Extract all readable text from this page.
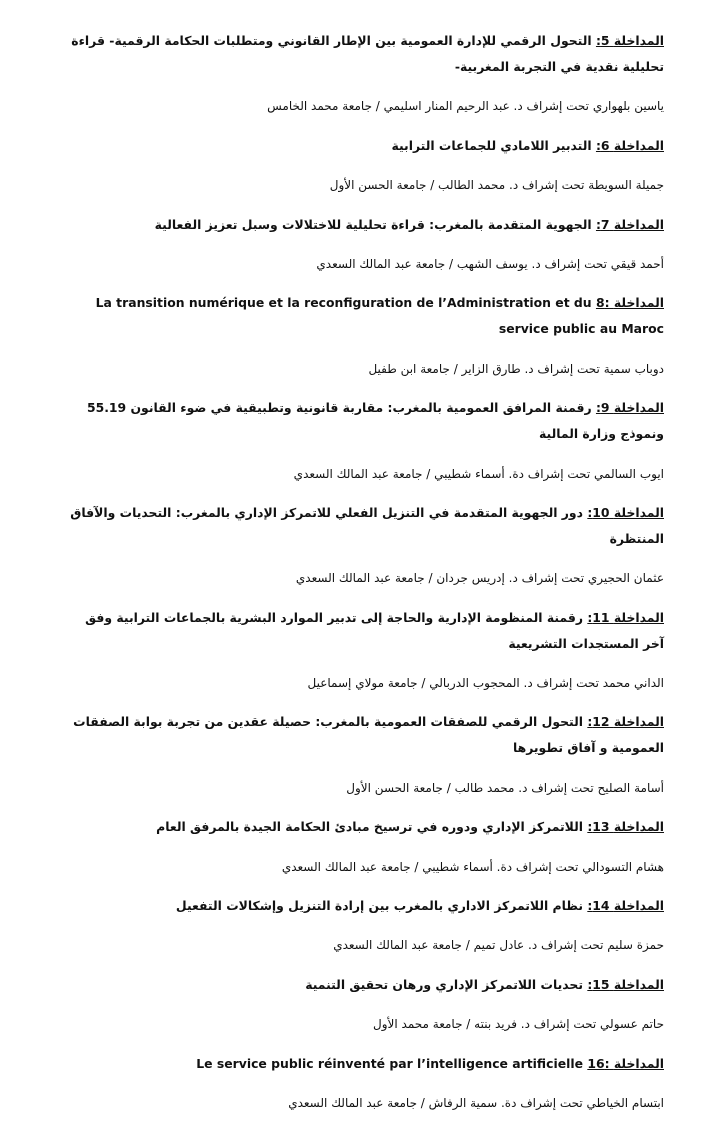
المداخلة 5: التحول الرقمي للإدارة العمومية بين الإطار القانوني ومتطلبات الحكامة الرقمية- قراءة تحليلية نقدية في التجربة المغربية-

ياسين بلهواري تحت إشراف د. عبد الرحيم المنار اسليمي / جامعة محمد الخامس

المداخلة 6: التدبير اللامادي للجماعات الترابية

جميلة السويطة تحت إشراف د. محمد الطالب / جامعة الحسن الأول

المداخلة 7: الجهوية المتقدمة بالمغرب: قراءة تحليلية للاختلالات وسبل تعزيز الفعالية

أحمد قيقي تحت إشراف د. يوسف الشهب / جامعة عبد المالك السعدي

المداخلة :8 La transition numérique et la reconfiguration de l’Administration et du service public au Maroc

دوباب سمية تحت إشراف د. طارق الزاير / جامعة ابن طفيل

المداخلة 9: رقمنة المرافق العمومية بالمغرب: مقاربة قانونية وتطبيقية في ضوء القانون 55.19 ونموذج وزارة المالية

ايوب السالمي تحت إشراف دة. أسماء شطيبي / جامعة عبد المالك السعدي

المداخلة 10: دور الجهوية المتقدمة في التنزيل الفعلي للاتمركز الإداري بالمغرب: التحديات والآفاق المنتظرة

عثمان الحجيري تحت إشراف د. إدريس جردان / جامعة عبد المالك السعدي

المداخلة 11: رقمنة المنظومة الإدارية والحاجة إلى تدبير الموارد البشرية بالجماعات الترابية وفق آخر المستجدات التشريعية

الداني محمد تحت إشراف د. المحجوب الدربالي / جامعة مولاي إسماعيل

المداخلة 12: التحول الرقمي للصفقات العمومية بالمغرب: حصيلة عقدين من تجربة بوابة الصفقات العمومية و آفاق تطويرها

أسامة الصليح تحت إشراف د. محمد طالب / جامعة الحسن الأول

المداخلة 13: اللاتمركز الإداري ودوره في ترسيخ مبادئ الحكامة الجيدة بالمرفق العام

هشام التسودالي تحت إشراف دة. أسماء شطيبي / جامعة عبد المالك السعدي

المداخلة 14: نظام اللاتمركز الاداري بالمغرب بين إرادة التنزيل وإشكالات التفعيل

حمزة سليم تحت إشراف د. عادل تميم / جامعة عبد المالك السعدي

المداخلة 15: تحديات اللاتمركز الإداري ورهان تحقيق التنمية

حاتم عسولي تحت إشراف د. فريد بنته / جامعة محمد الأول

المداخلة :16 Le service public réinventé par l’intelligence artificielle

ابتسام الخياطي تحت إشراف دة. سمية الرفاش / جامعة عبد المالك السعدي
